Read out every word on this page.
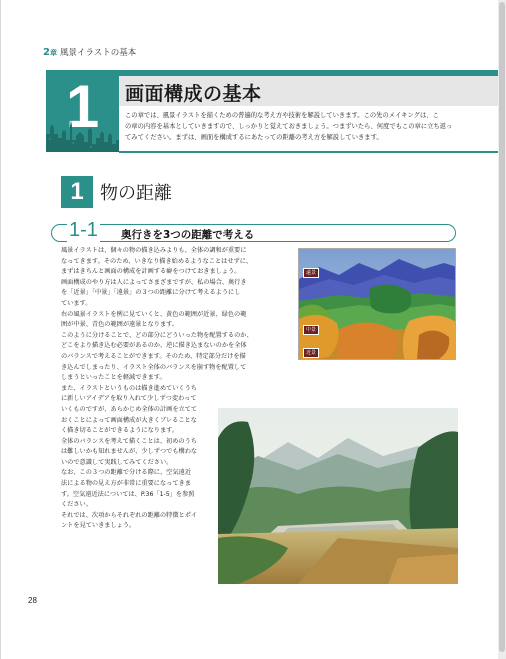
2章 風景イラストの基本
1	画面構成の基本
この章では、風景イラストを描くための普遍的な考え方や技術を解説していきます。この先のメイキングは、こ
の章の内容を基本としていきますので、しっかりと覚えておきましょう。つまずいたら、何度でもこの章に立ち返っ
てみてください。まずは、画面を構成するにあたっての距離の考え方を解説していきます。
1 物の距離
1-1 奥行きを3つの距離で考える

風景イラストは、個々の物の描き込みよりも、全体の調和が重要に

なってきます。そのため、いきなり描き始めるようなことはせずに、

まずはきちんと画面の構成を計画する癖をつけておきましょう。

画面構成のやり方は人によってさまざまですが、私の場合、奥行き

を「近景」「中景」「遠景」の３つの距離に分けて考えるようにし

ています。

右の風景イラストを例に見ていくと、黄色の範囲が近景、緑色の範

囲が中景、青色の範囲が遠景となります。

このように分けることで、どの部分にどういった物を配置するのか、

どこをより描き込む必要があるのか、逆に描き込まないのかを全体

のバランスで考えることができます。そのため、特定部分だけを描

き込んでしまったり、イラスト全体のバランスを崩す物を配置して

しまうといったことを軽減できます。

また、イラストというものは描き進めていくうち

に新しいアイデアを取り入れて少しずつ変わって

いくものですが、あらかじめ全体の計画を立てて

おくことによって画面構成が大きくブレることな

く描き切ることができるようになります。

全体のバランスを考えて描くことは、初めのうち

は難しいかも知れませんが、少しずつでも構わな

いので意識して実践してみてください。

なお、この３つの距離で分ける際に、空気遠近

法による物の見え方が非常に重要になってきま

す。空気遠近法については、P.36「1-5」を参照

ください。

それでは、次項からそれぞれの距離の特徴とポイ

ントを見ていきましょう。

遠景
中景
近景
28
